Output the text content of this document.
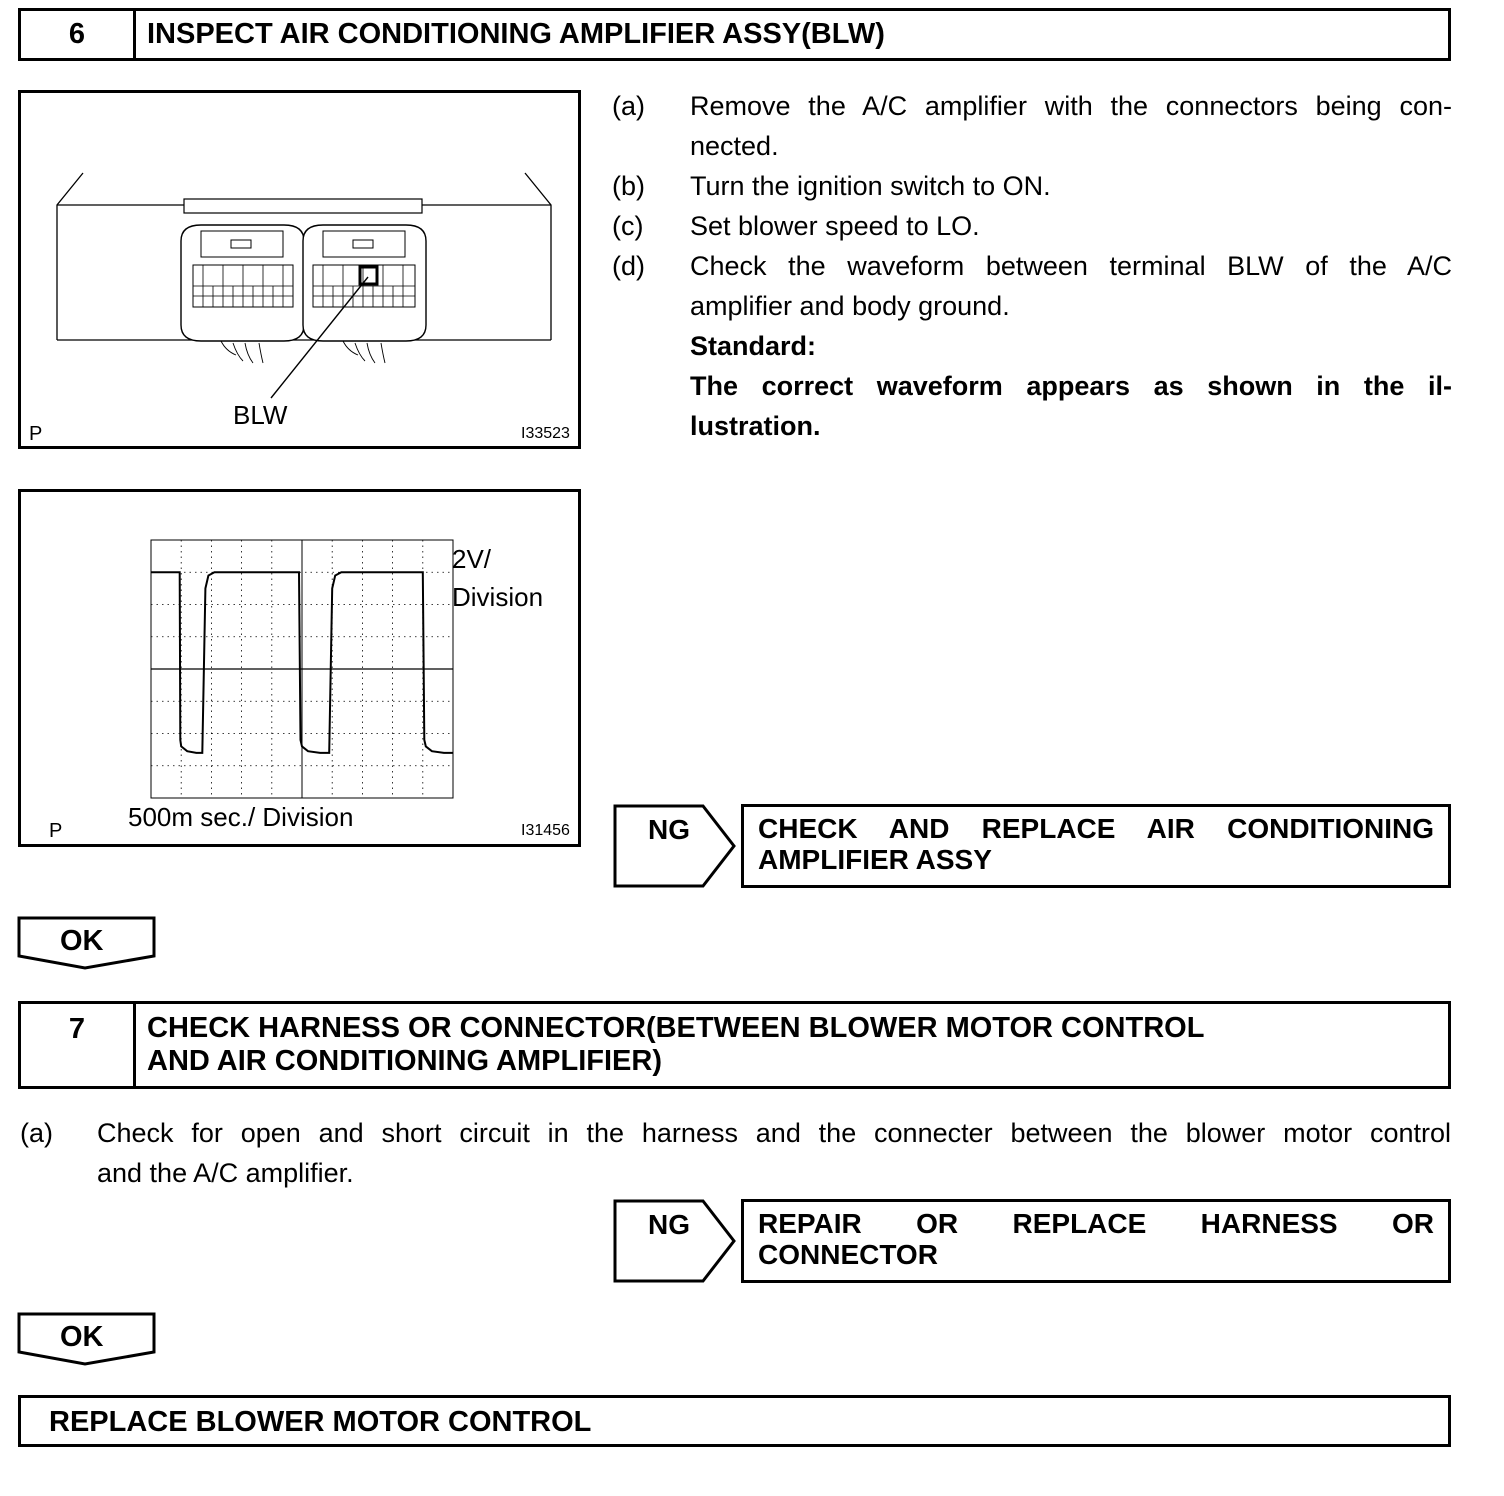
6	INSPECT AIR CONDITIONING AMPLIFIER ASSY(BLW)
BLW
P	I33523
(a) Remove the A/C amplifier with the connectors being con-
nected.
(b) Turn the ignition switch to ON.
(c) Set blower speed to LO.
(d) Check the waveform between terminal BLW of the A/C
amplifier and body ground.
Standard:
The correct waveform appears as shown in the il-
lustration.
2V/
Division
500m sec./ Division
P	I31456	NG CHECK AND REPLACE AIR CONDITIONING
AMPLIFIER ASSY
OK
7	CHECK HARNESS OR CONNECTOR(BETWEEN BLOWER MOTOR CONTROL
AND AIR CONDITIONING AMPLIFIER)
(a) Check for open and short circuit in the harness and the connecter between the blower motor control
and the A/C amplifier.
NG REPAIR OR REPLACE HARNESS OR
CONNECTOR
OK
REPLACE BLOWER MOTOR CONTROL
